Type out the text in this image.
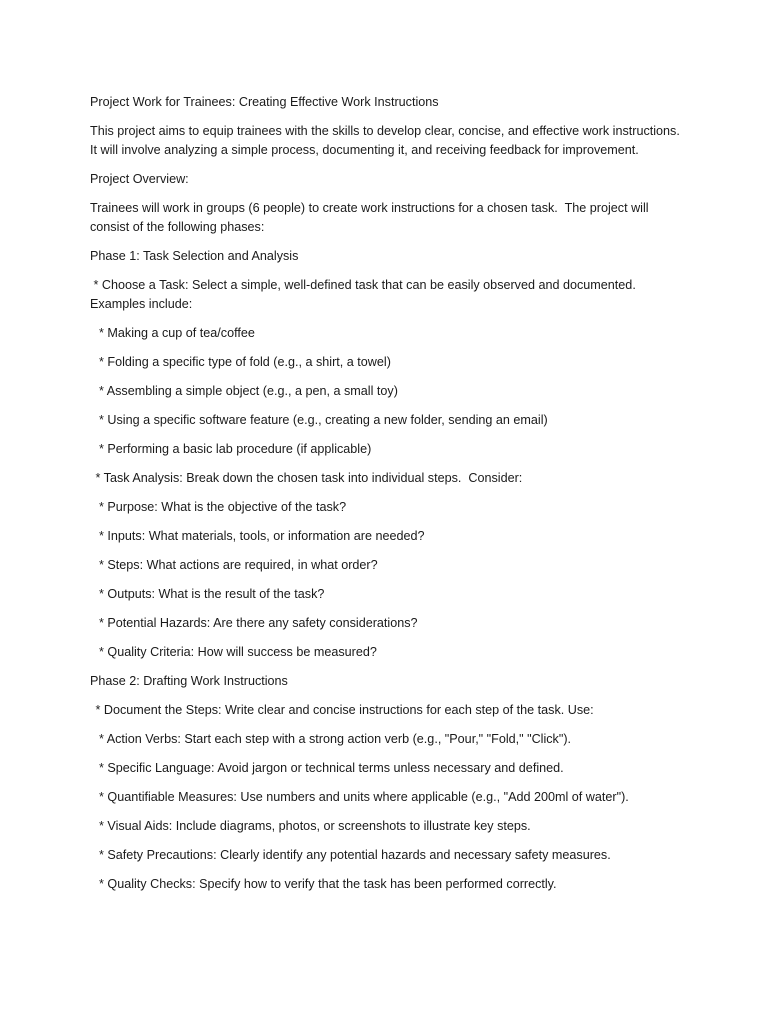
Project Work for Trainees: Creating Effective Work Instructions
This project aims to equip trainees with the skills to develop clear, concise, and effective work instructions.  It will involve analyzing a simple process, documenting it, and receiving feedback for improvement.
Project Overview:
Trainees will work in groups (6 people) to create work instructions for a chosen task.  The project will consist of the following phases:
Phase 1: Task Selection and Analysis
* Choose a Task: Select a simple, well-defined task that can be easily observed and documented. Examples include:
* Making a cup of tea/coffee
* Folding a specific type of fold (e.g., a shirt, a towel)
* Assembling a simple object (e.g., a pen, a small toy)
* Using a specific software feature (e.g., creating a new folder, sending an email)
* Performing a basic lab procedure (if applicable)
* Task Analysis: Break down the chosen task into individual steps.  Consider:
* Purpose: What is the objective of the task?
* Inputs: What materials, tools, or information are needed?
* Steps: What actions are required, in what order?
* Outputs: What is the result of the task?
* Potential Hazards: Are there any safety considerations?
* Quality Criteria: How will success be measured?
Phase 2: Drafting Work Instructions
* Document the Steps: Write clear and concise instructions for each step of the task. Use:
* Action Verbs: Start each step with a strong action verb (e.g., "Pour," "Fold," "Click").
* Specific Language: Avoid jargon or technical terms unless necessary and defined.
* Quantifiable Measures: Use numbers and units where applicable (e.g., "Add 200ml of water").
* Visual Aids: Include diagrams, photos, or screenshots to illustrate key steps.
* Safety Precautions: Clearly identify any potential hazards and necessary safety measures.
* Quality Checks: Specify how to verify that the task has been performed correctly.
